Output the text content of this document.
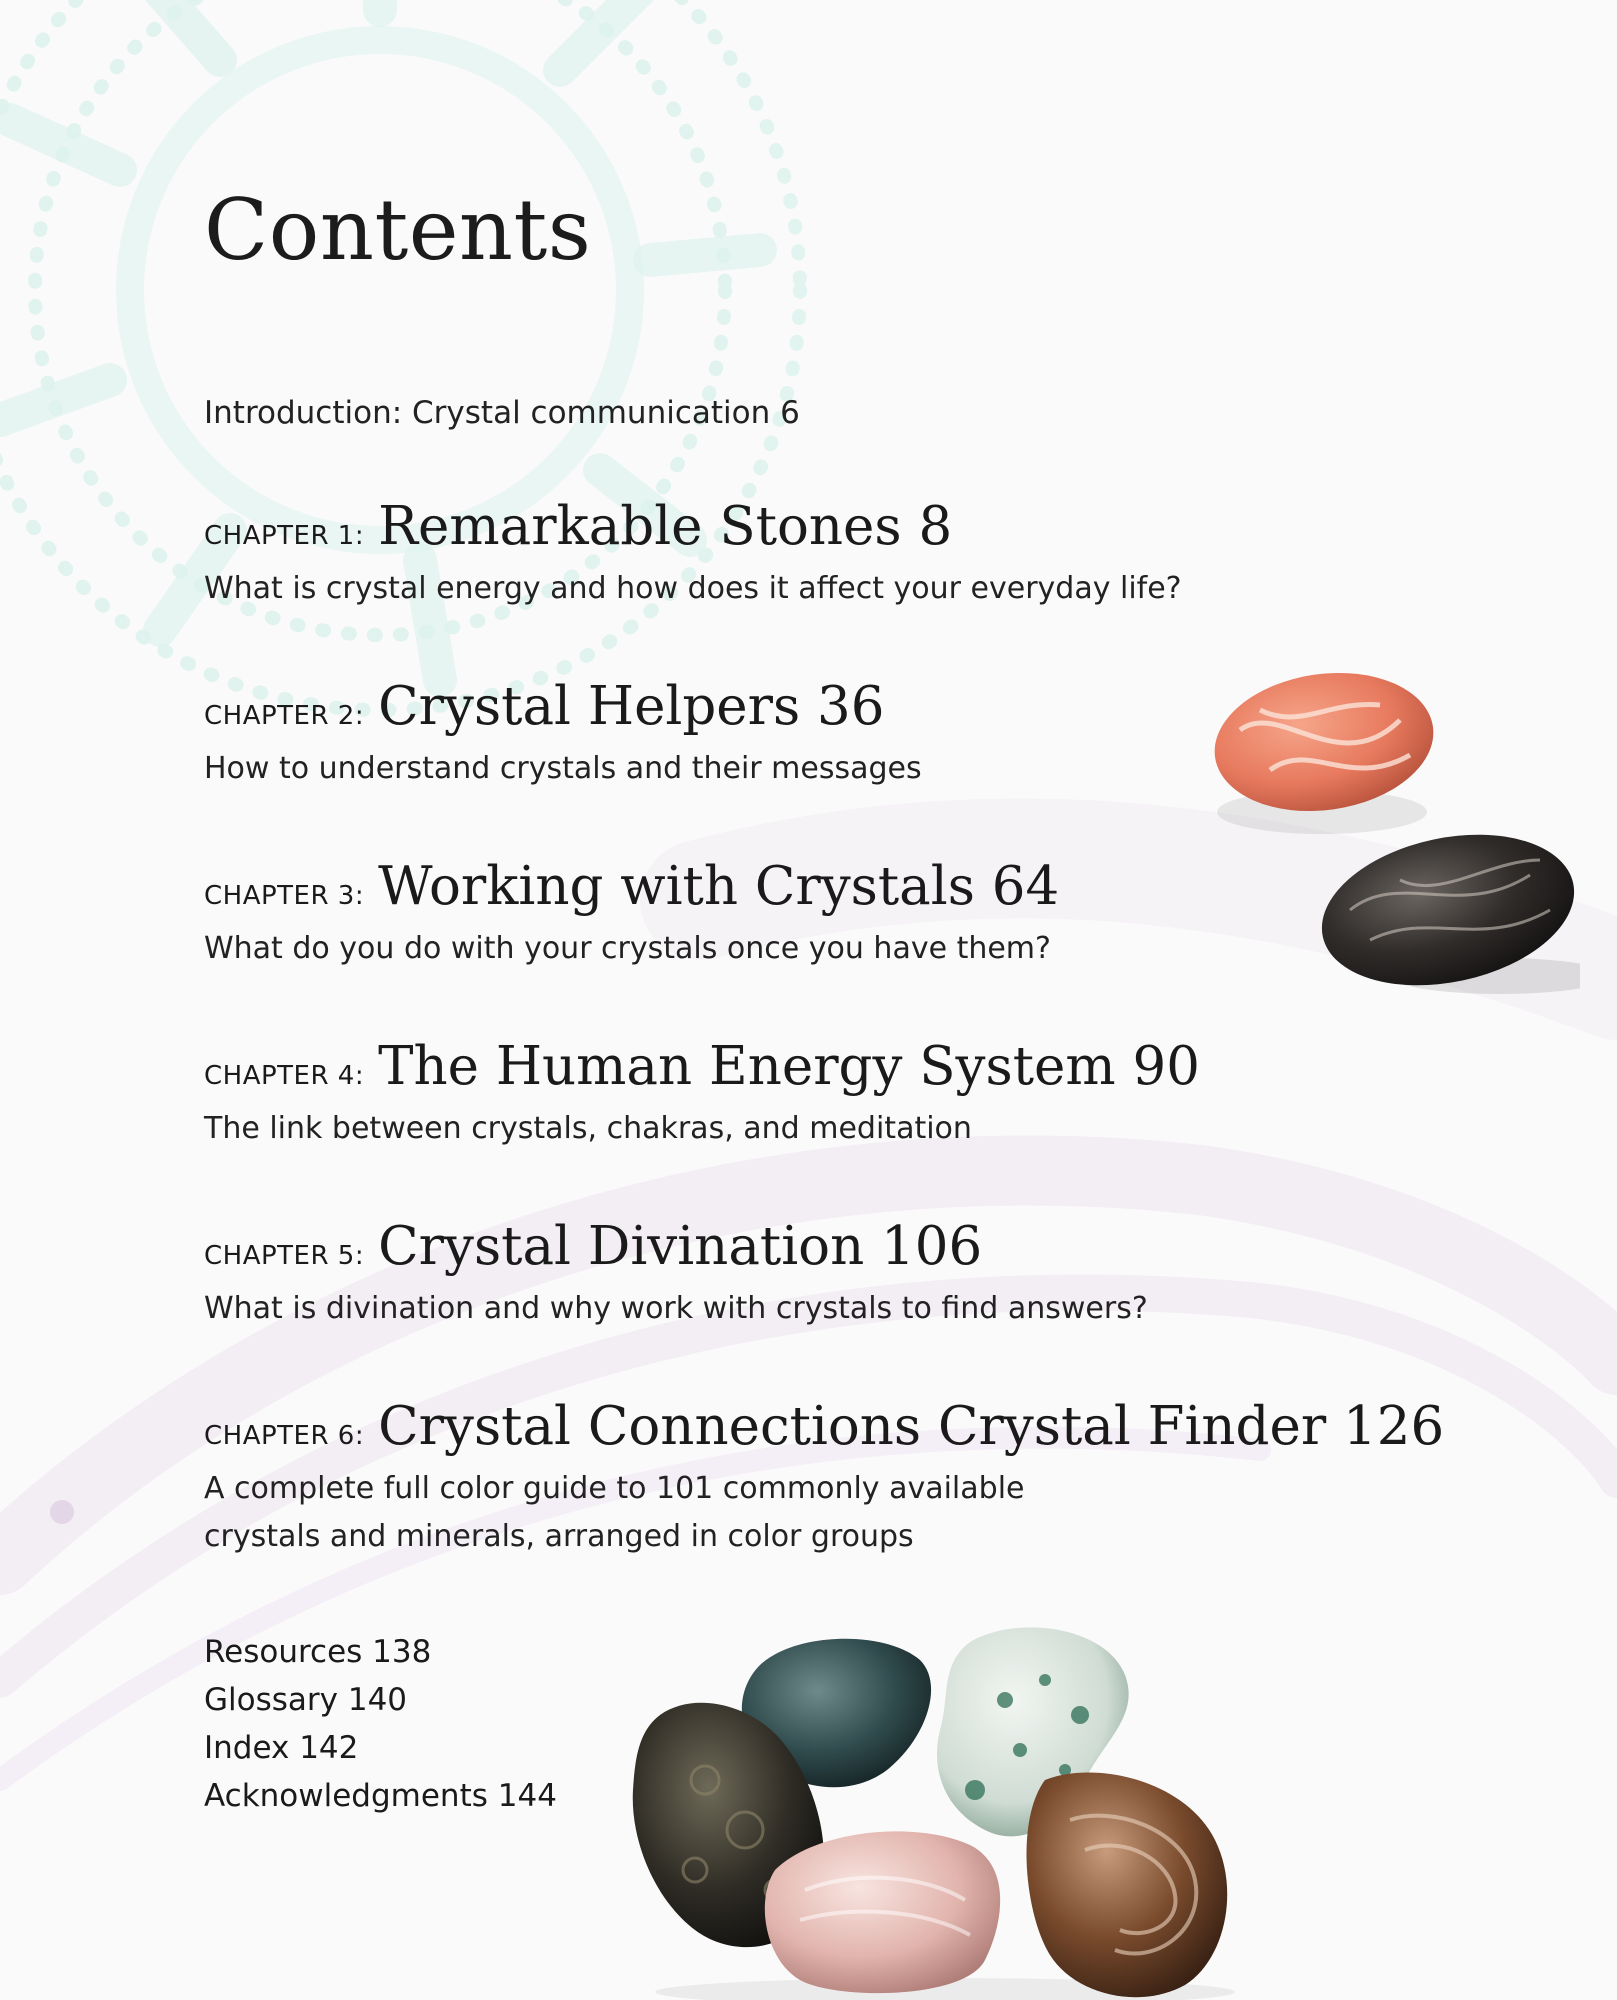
Contents
Introduction: Crystal communication 6
CHAPTER 1: Remarkable Stones 8
What is crystal energy and how does it affect your everyday life?
CHAPTER 2: Crystal Helpers 36
How to understand crystals and their messages
CHAPTER 3: Working with Crystals 64
What do you do with your crystals once you have them?
CHAPTER 4: The Human Energy System 90
The link between crystals, chakras, and meditation
CHAPTER 5: Crystal Divination 106
What is divination and why work with crystals to find answers?
CHAPTER 6: Crystal Connections Crystal Finder 126
A complete full color guide to 101 commonly available crystals and minerals, arranged in color groups
Resources 138
Glossary 140
Index 142
Acknowledgments 144
